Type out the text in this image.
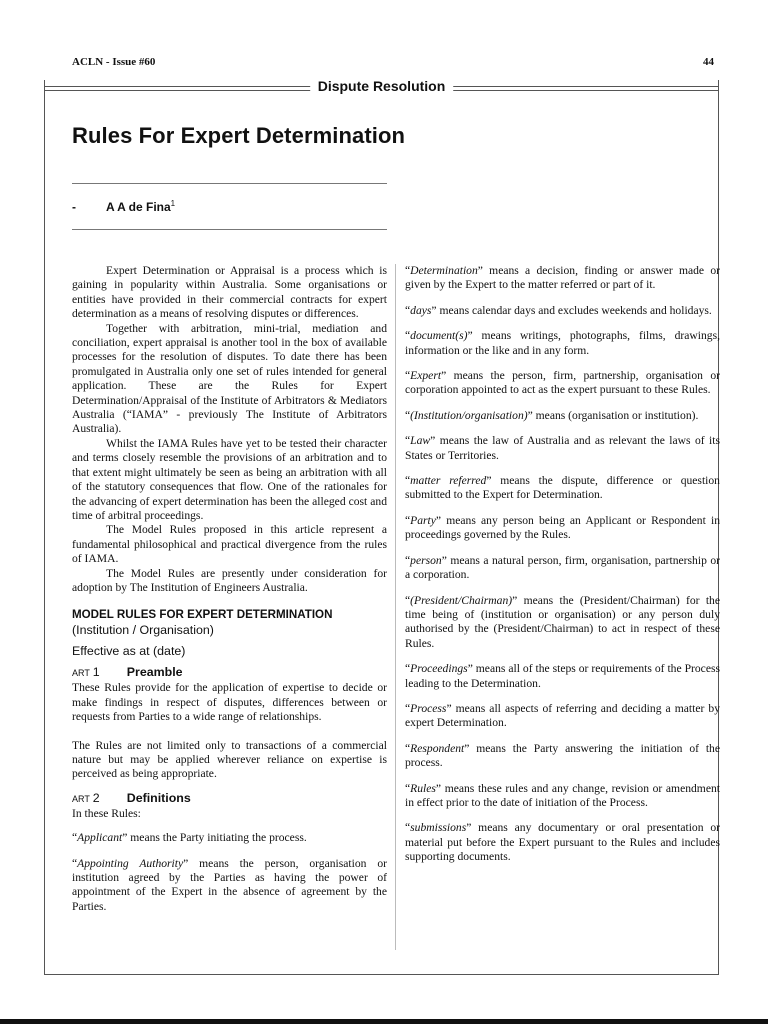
ACLN - Issue #60	44
Dispute Resolution
Rules For Expert Determination
-	A A de Fina$^1$

Expert Determination or Appraisal is a process which is gaining in popularity within Australia. Some organisations or entities have provided in their commercial contracts for expert determination as a means of resolving disputes or differences.

Together with arbitration, mini-trial, mediation and conciliation, expert appraisal is another tool in the box of available processes for the resolution of disputes. To date there has been promulgated in Australia only one set of rules intended for general application. These are the Rules for Expert Determination/Appraisal of the Institute of Arbitrators & Mediators Australia (“IAMA” - previously The Institute of Arbitrators Australia).

Whilst the IAMA Rules have yet to be tested their character and terms closely resemble the provisions of an arbitration and to that extent might ultimately be seen as being an arbitration with all of the statutory consequences that flow. One of the rationales for the advancing of expert determination has been the alleged cost and time of arbitral proceedings.

The Model Rules proposed in this article represent a fundamental philosophical and practical divergence from the rules of IAMA.

The Model Rules are presently under consideration for adoption by The Institution of Engineers Australia.

MODEL RULES FOR EXPERT DETERMINATION

(Institution / Organisation)

Effective as at (date)

ART 1 Preamble

These Rules provide for the application of expertise to decide or make findings in respect of disputes, differences between or requests from Parties to a wide range of relationships.

The Rules are not limited only to transactions of a commercial nature but may be applied wherever reliance on expertise is perceived as being appropriate.

ART 2 Definitions

In these Rules:

“Applicant” means the Party initiating the process.

“Appointing Authority” means the person, organisation or institution agreed by the Parties as having the power of appointment of the Expert in the absence of agreement by the Parties.

“Determination” means a decision, finding or answer made or given by the Expert to the matter referred or part of it.

“days” means calendar days and excludes weekends and holidays.

“document(s)” means writings, photographs, films, drawings, information or the like and in any form.

“Expert” means the person, firm, partnership, organisation or corporation appointed to act as the expert pursuant to these Rules.

“(Institution/organisation)” means (organisation or institution).

“Law” means the law of Australia and as relevant the laws of its States or Territories.

“matter referred” means the dispute, difference or question submitted to the Expert for Determination.

“Party” means any person being an Applicant or Respondent in proceedings governed by the Rules.

“person” means a natural person, firm, organisation, partnership or a corporation.

“(President/Chairman)” means the (President/Chairman) for the time being of (institution or organisation) or any person duly authorised by the (President/Chairman) to act in respect of these Rules.

“Proceedings” means all of the steps or requirements of the Process leading to the Determination.

“Process” means all aspects of referring and deciding a matter by expert Determination.

“Respondent” means the Party answering the initiation of the process.

“Rules” means these rules and any change, revision or amendment in effect prior to the date of initiation of the Process.

“submissions” means any documentary or oral presentation or material put before the Expert pursuant to the Rules and includes supporting documents.
